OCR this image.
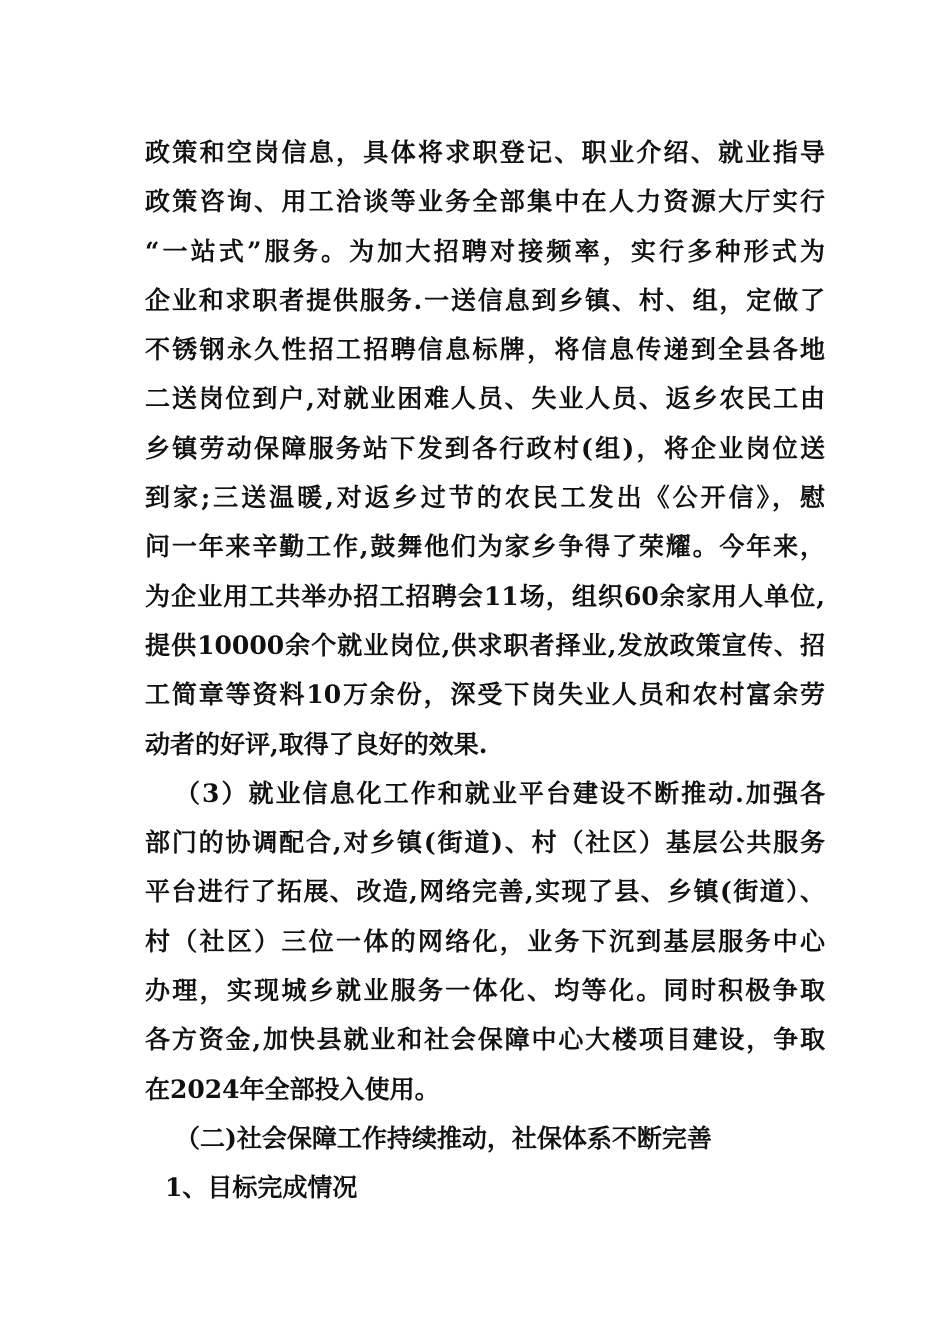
政策和空岗信息，具体将求职登记、职业介绍、就业指导
政策咨询、用工洽谈等业务全部集中在人力资源大厅实行
“一站式”服务。为加大招聘对接频率，实行多种形式为
企业和求职者提供服务.一送信息到乡镇、村、组，定做了
不锈钢永久性招工招聘信息标牌，将信息传递到全县各地
二送岗位到户,对就业困难人员、失业人员、返乡农民工由
乡镇劳动保障服务站下发到各行政村(组)，将企业岗位送
到家;三送温暖,对返乡过节的农民工发出《公开信》，慰
问一年来辛勤工作,鼓舞他们为家乡争得了荣耀。今年来，
为企业用工共举办招工招聘会11场，组织60余家用人单位,
提供10000余个就业岗位,供求职者择业,发放政策宣传、招
工简章等资料10万余份，深受下岗失业人员和农村富余劳
动者的好评,取得了良好的效果.
（3）就业信息化工作和就业平台建设不断推动.加强各
部门的协调配合,对乡镇(街道)、村（社区）基层公共服务
平台进行了拓展、改造,网络完善,实现了县、乡镇(街道）、
村（社区）三位一体的网络化，业务下沉到基层服务中心
办理，实现城乡就业服务一体化、均等化。同时积极争取
各方资金,加快县就业和社会保障中心大楼项目建设，争取
在2024年全部投入使用。
（二)社会保障工作持续推动，社保体系不断完善
1、目标完成情况
